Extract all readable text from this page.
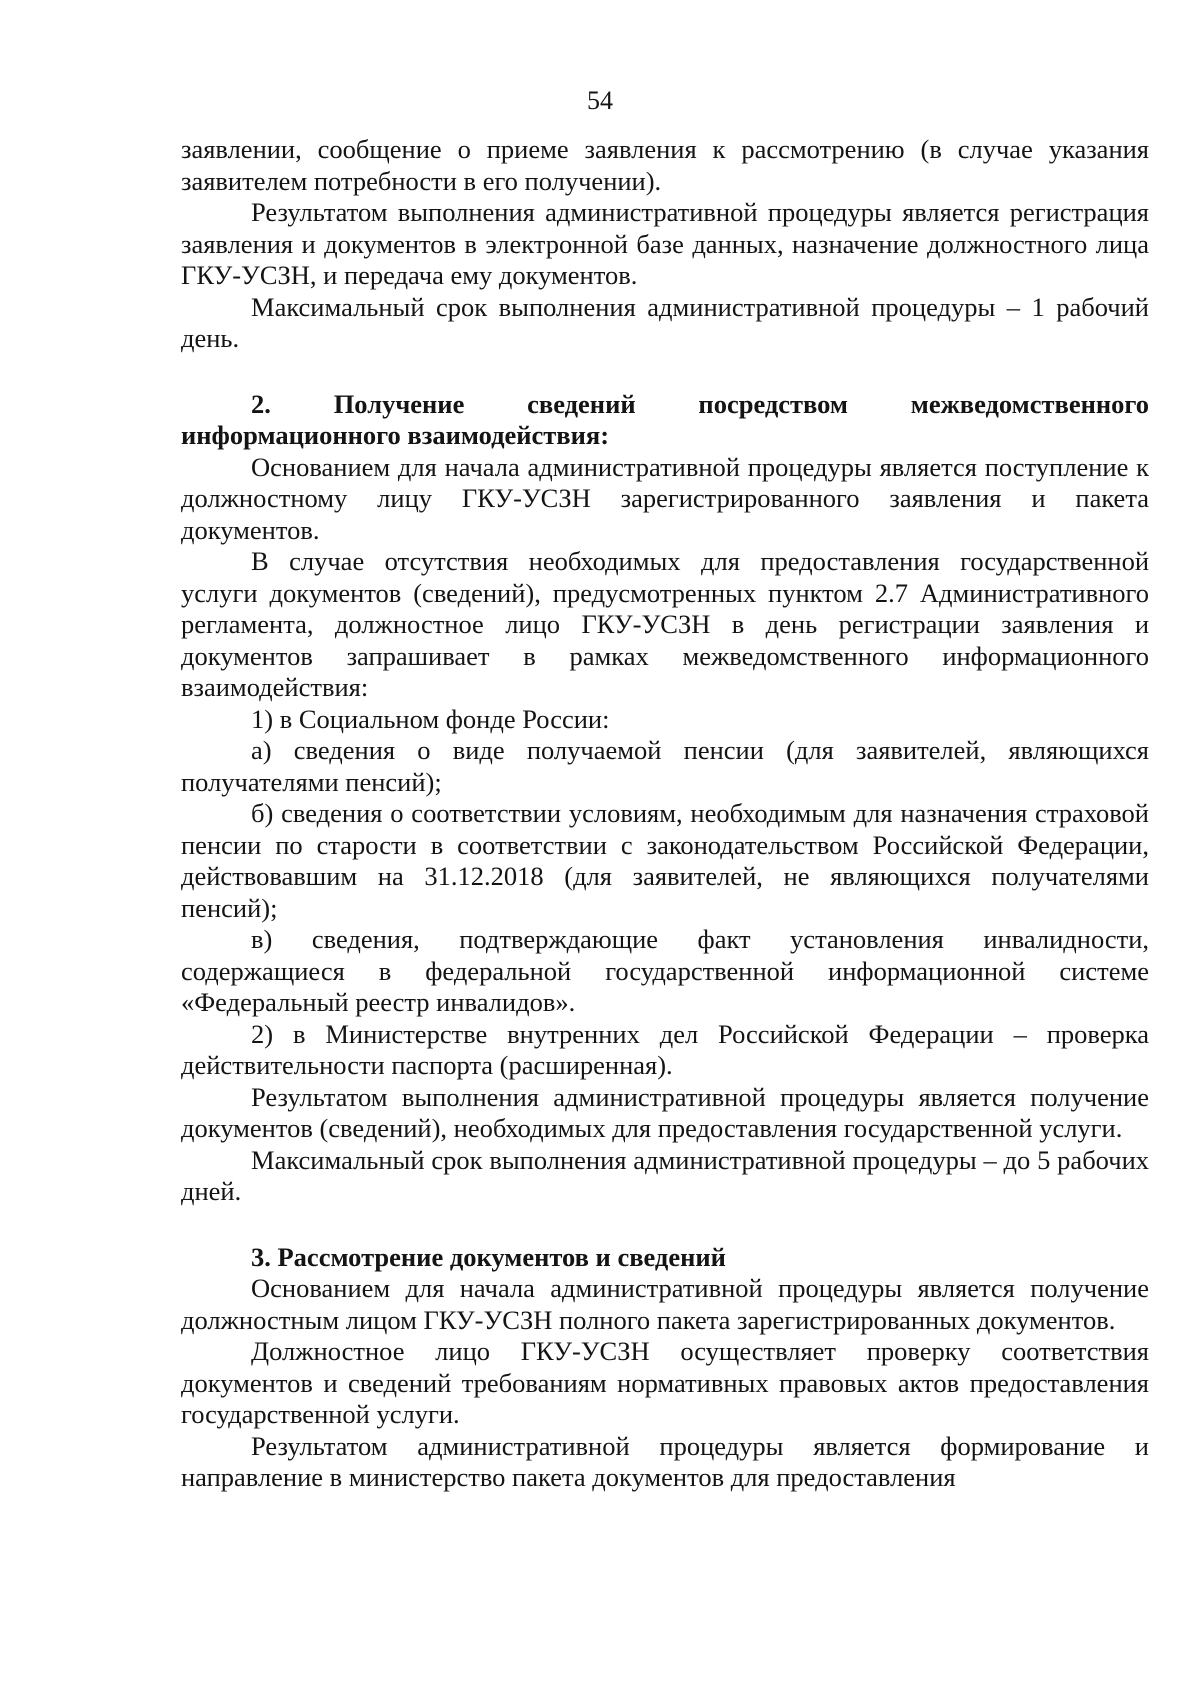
54

заявлении, сообщение о приеме заявления к рассмотрению (в случае указания заявителем потребности в его получении).

Результатом выполнения административной процедуры является регистрация заявления и документов в электронной базе данных, назначение должностного лица ГКУ-УСЗН, и передача ему документов.

Максимальный срок выполнения административной процедуры – 1 рабочий день.

2. Получение сведений посредством межведомственного информационного взаимодействия:

Основанием для начала административной процедуры является поступление к должностному лицу ГКУ-УСЗН зарегистрированного заявления и пакета документов.

В случае отсутствия необходимых для предоставления государственной услуги документов (сведений), предусмотренных пунктом 2.7 Административного регламента, должностное лицо ГКУ-УСЗН в день регистрации заявления и документов запрашивает в рамках межведомственного информационного взаимодействия:

1) в Социальном фонде России:

а) сведения о виде получаемой пенсии (для заявителей, являющихся получателями пенсий);

б) сведения о соответствии условиям, необходимым для назначения страховой пенсии по старости в соответствии с законодательством Российской Федерации, действовавшим на 31.12.2018 (для заявителей, не являющихся получателями пенсий);

в) сведения, подтверждающие факт установления инвалидности, содержащиеся в федеральной государственной информационной системе «Федеральный реестр инвалидов».

2) в Министерстве внутренних дел Российской Федерации – проверка действительности паспорта (расширенная).

Результатом выполнения административной процедуры является получение документов (сведений), необходимых для предоставления государственной услуги.

Максимальный срок выполнения административной процедуры – до 5 рабочих дней.

3. Рассмотрение документов и сведений

Основанием для начала административной процедуры является получение должностным лицом ГКУ-УСЗН полного пакета зарегистрированных документов.

Должностное лицо ГКУ-УСЗН осуществляет проверку соответствия документов и сведений требованиям нормативных правовых актов предоставления государственной услуги.

Результатом административной процедуры является формирование и направление в министерство пакета документов для предоставления
